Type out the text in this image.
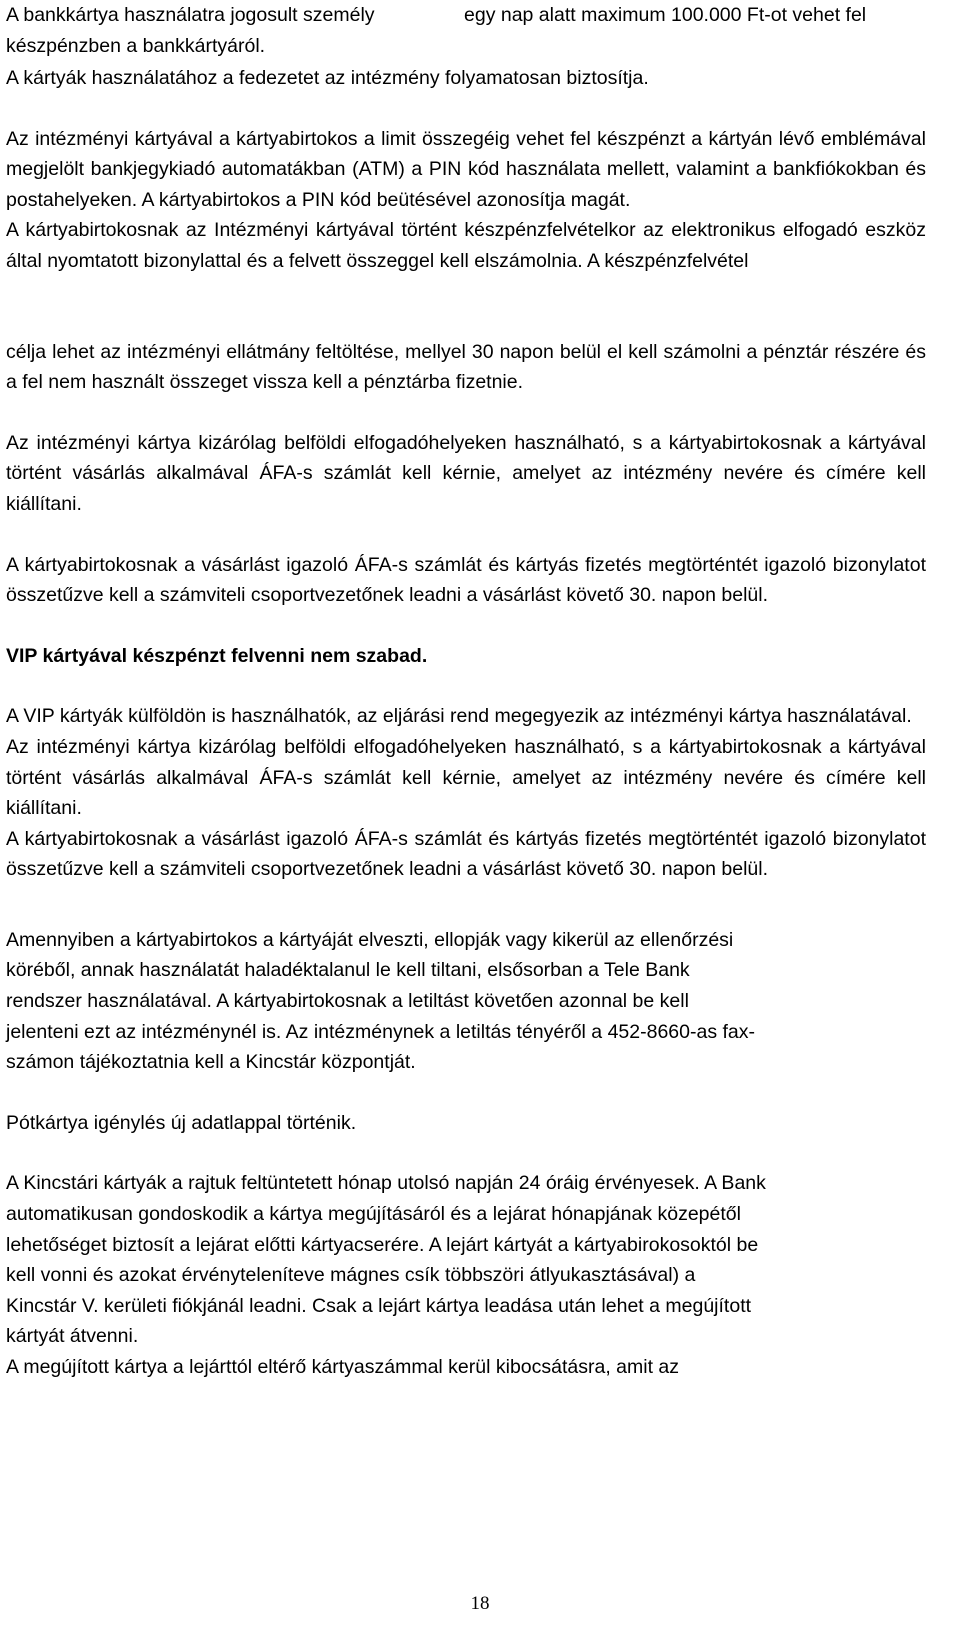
A bankkártya használatra jogosult személy készpénzben a bankkártyáról.

egy nap alatt maximum 100.000 Ft-ot vehet fel

A kártyák használatához a fedezetet az intézmény folyamatosan biztosítja.

Az intézményi kártyával a kártyabirtokos a limit összegéig vehet fel készpénzt a kártyán lévő emblémával megjelölt bankjegykiadó automatákban (ATM) a PIN kód használata mellett, valamint a bankfiókokban és postahelyeken. A kártyabirtokos a PIN kód beütésével azonosítja magát.

A kártyabirtokosnak az Intézményi kártyával történt készpénzfelvételkor az elektronikus elfogadó eszköz által nyomtatott bizonylattal és a felvett összeggel kell elszámolnia. A készpénzfelvétel

célja lehet az intézményi ellátmány feltöltése, mellyel 30 napon belül el kell számolni a pénztár részére és a fel nem használt összeget vissza kell a pénztárba fizetnie.

Az intézményi kártya kizárólag belföldi elfogadóhelyeken használható, s a kártyabirtokosnak a kártyával történt vásárlás alkalmával ÁFA-s számlát kell kérnie, amelyet az intézmény nevére és címére kell kiállítani.

A kártyabirtokosnak a vásárlást igazoló ÁFA-s számlát és kártyás fizetés megtörténtét igazoló bizonylatot összetűzve kell a számviteli csoportvezetőnek leadni a vásárlást követő 30. napon belül.

VIP kártyával készpénzt felvenni nem szabad.

A VIP kártyák külföldön is használhatók, az eljárási rend megegyezik az intézményi kártya használatával.

Az intézményi kártya kizárólag belföldi elfogadóhelyeken használható, s a kártyabirtokosnak a kártyával történt vásárlás alkalmával ÁFA-s számlát kell kérnie, amelyet az intézmény nevére és címére kell kiállítani.

A kártyabirtokosnak a vásárlást igazoló ÁFA-s számlát és kártyás fizetés megtörténtét igazoló bizonylatot összetűzve kell a számviteli csoportvezetőnek leadni a vásárlást követő 30. napon belül.

Amennyiben a kártyabirtokos a kártyáját elveszti, ellopják vagy kikerül az ellenőrzési köréből, annak használatát haladéktalanul le kell tiltani, elsősorban a Tele Bank rendszer használatával. A kártyabirtokosnak a letiltást követően azonnal be kell jelenteni ezt az intézménynél is. Az intézménynek a letiltás tényéről a 452-8660-as fax-számon tájékoztatnia kell a Kincstár központját.

Pótkártya igénylés új adatlappal történik.

A Kincstári kártyák a rajtuk feltüntetett hónap utolsó napján 24 óráig érvényesek. A Bank automatikusan gondoskodik a kártya megújításáról és a lejárat hónapjának közepétől lehetőséget biztosít a lejárat előtti kártyacserére. A lejárt kártyát a kártyabirokosoktól be kell vonni és azokat érvényteleníteve mágnes csík többszöri átlyukasztásával) a Kincstár V. kerületi fiókjánál leadni. Csak a lejárt kártya leadása után lehet a megújított kártyát átvenni.

A megújított kártya a lejárttól eltérő kártyaszámmal kerül kibocsátásra, amit az

18
